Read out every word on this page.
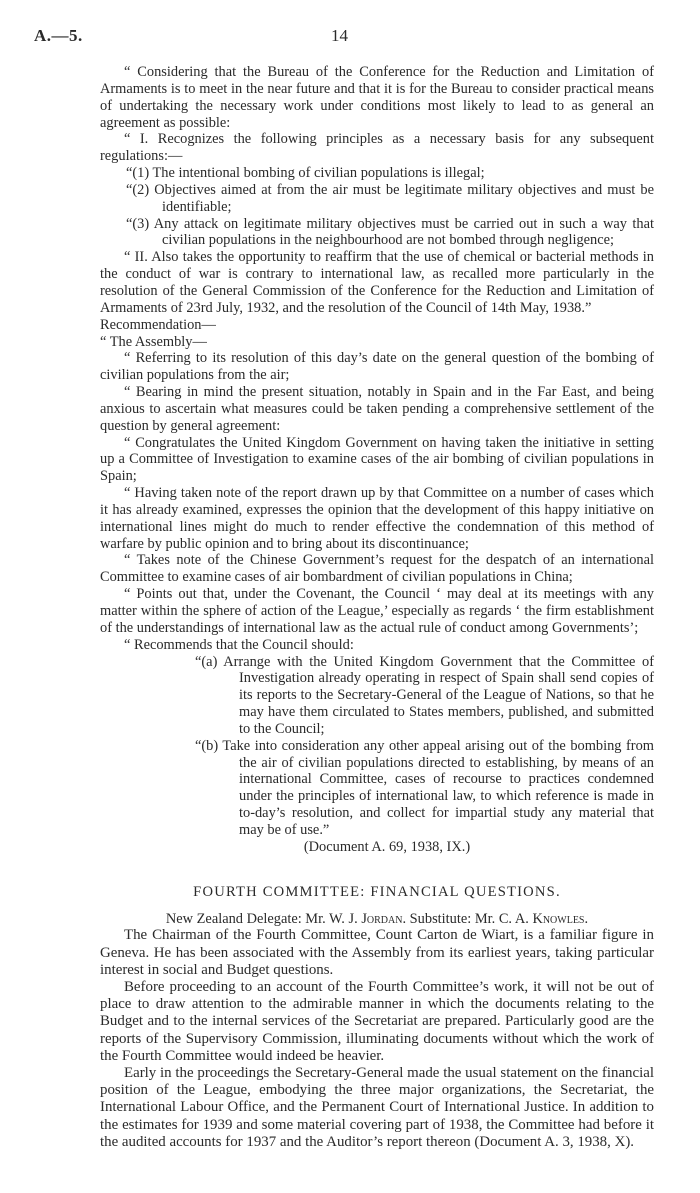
A.—5.	14

“ Considering that the Bureau of the Conference for the Reduction and Limitation of Armaments is to meet in the near future and that it is for the Bureau to consider practical means of undertaking the necessary work under conditions most likely to lead to as general an agreement as possible:

“ I. Recognizes the following principles as a necessary basis for any subsequent regulations:—

“(1) The intentional bombing of civilian populations is illegal;

“(2) Objectives aimed at from the air must be legitimate military objectives and must be identifiable;

“(3) Any attack on legitimate military objectives must be carried out in such a way that civilian populations in the neighbourhood are not bombed through negligence;

“ II. Also takes the opportunity to reaffirm that the use of chemical or bacterial methods in the conduct of war is contrary to international law, as recalled more particularly in the resolution of the General Commission of the Conference for the Reduction and Limitation of Armaments of 23rd July, 1932, and the resolution of the Council of 14th May, 1938.”

Recommendation—

“ The Assembly—

“ Referring to its resolution of this day’s date on the general question of the bombing of civilian populations from the air;

“ Bearing in mind the present situation, notably in Spain and in the Far East, and being anxious to ascertain what measures could be taken pending a comprehensive settlement of the question by general agreement:

“ Congratulates the United Kingdom Government on having taken the initiative in setting up a Committee of Investigation to examine cases of the air bombing of civilian populations in Spain;

“ Having taken note of the report drawn up by that Committee on a number of cases which it has already examined, expresses the opinion that the development of this happy initiative on international lines might do much to render effective the condemnation of this method of warfare by public opinion and to bring about its discontinuance;

“ Takes note of the Chinese Government’s request for the despatch of an international Committee to examine cases of air bombardment of civilian populations in China;

“ Points out that, under the Covenant, the Council ‘ may deal at its meetings with any matter within the sphere of action of the League,’ especially as regards ‘ the firm establishment of the understandings of international law as the actual rule of conduct among Governments’;

“ Recommends that the Council should:

“(a) Arrange with the United Kingdom Government that the Committee of Investigation already operating in respect of Spain shall send copies of its reports to the Secretary-General of the League of Nations, so that he may have them circulated to States members, published, and submitted to the Council;

“(b) Take into consideration any other appeal arising out of the bombing from the air of civilian populations directed to establishing, by means of an international Committee, cases of recourse to practices condemned under the principles of international law, to which reference is made in to-day’s resolution, and collect for impartial study any material that may be of use.”

(Document A. 69, 1938, IX.)

FOURTH COMMITTEE: FINANCIAL QUESTIONS.

New Zealand Delegate: Mr. W. J. Jordan. Substitute: Mr. C. A. Knowles.

The Chairman of the Fourth Committee, Count Carton de Wiart, is a familiar figure in Geneva. He has been associated with the Assembly from its earliest years, taking particular interest in social and Budget questions.

Before proceeding to an account of the Fourth Committee’s work, it will not be out of place to draw attention to the admirable manner in which the documents relating to the Budget and to the internal services of the Secretariat are prepared. Particularly good are the reports of the Supervisory Commission, illuminating documents without which the work of the Fourth Committee would indeed be heavier.

Early in the proceedings the Secretary-General made the usual statement on the financial position of the League, embodying the three major organizations, the Secretariat, the International Labour Office, and the Permanent Court of International Justice. In addition to the estimates for 1939 and some material covering part of 1938, the Committee had before it the audited accounts for 1937 and the Auditor’s report thereon (Document A. 3, 1938, X).
